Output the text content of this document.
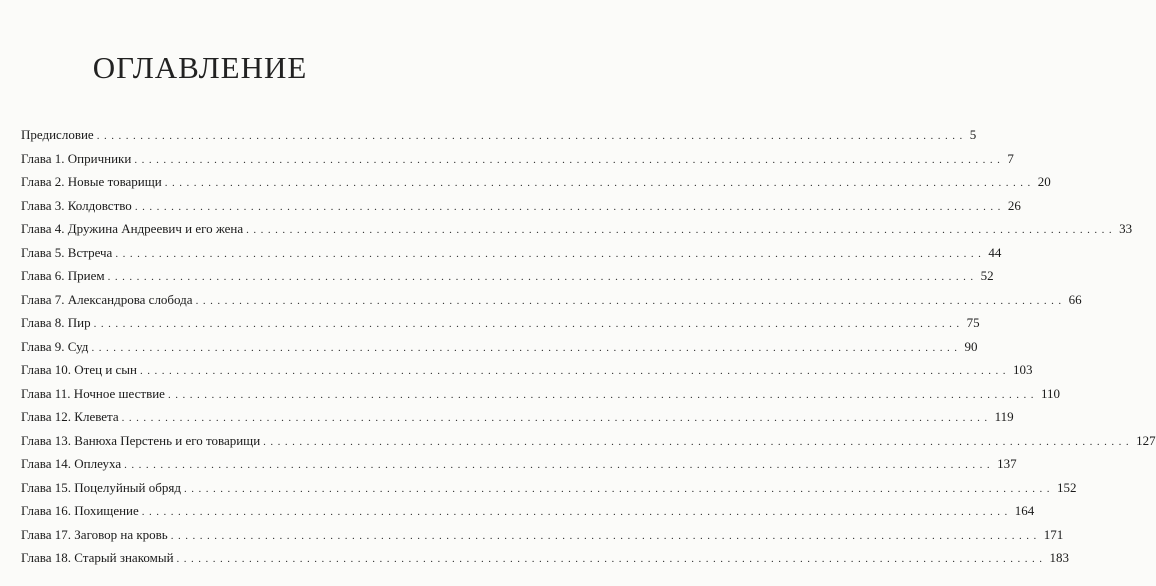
ОГЛАВЛЕНИЕ
Предисловие ........................................................................................................................ 5
Глава 1. Опричники ........................................................................................................................ 7
Глава 2. Новые товарищи ........................................................................................................................ 20
Глава 3. Колдовство ........................................................................................................................ 26
Глава 4. Дружина Андреевич и его жена ........................................................................................................................ 33
Глава 5. Встреча ........................................................................................................................ 44
Глава 6. Прием ........................................................................................................................ 52
Глава 7. Александрова слобода ........................................................................................................................ 66
Глава 8. Пир ........................................................................................................................ 75
Глава 9. Суд ........................................................................................................................ 90
Глава 10. Отец и сын ........................................................................................................................ 103
Глава 11. Ночное шествие ........................................................................................................................ 110
Глава 12. Клевета ........................................................................................................................ 119
Глава 13. Ванюха Перстень и его товарищи ........................................................................................................................ 127
Глава 14. Оплеуха ........................................................................................................................ 137
Глава 15. Поцелуйный обряд ........................................................................................................................ 152
Глава 16. Похищение ........................................................................................................................ 164
Глава 17. Заговор на кровь ........................................................................................................................ 171
Глава 18. Старый знакомый ........................................................................................................................ 183
